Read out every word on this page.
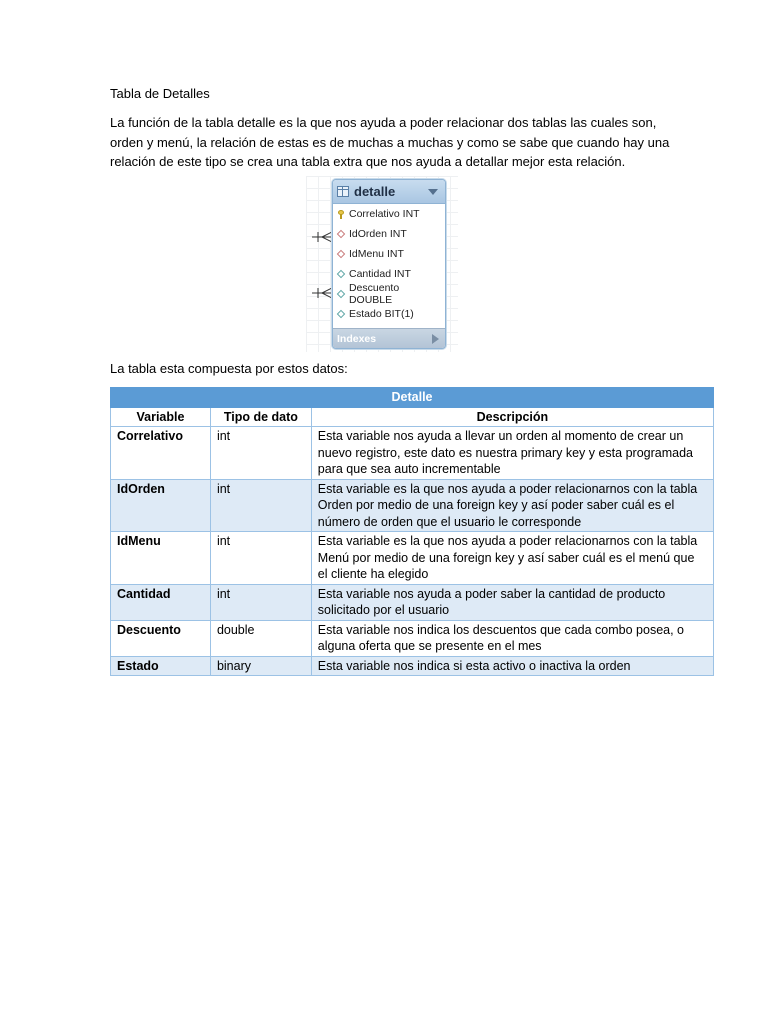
Tabla de Detalles
La función de la tabla detalle es la que nos ayuda a poder relacionar dos tablas las cuales son, orden y menú, la relación de estas es de muchas a muchas y como se sabe que cuando hay una relación de este tipo se crea una tabla extra que nos ayuda a detallar mejor esta relación.
detalle
Correlativo INT
IdOrden INT
IdMenu INT
Cantidad INT
Descuento DOUBLE
Estado BIT(1)
Indexes
La tabla esta compuesta por estos datos:
Detalle		
Variable	Tipo de dato	Descripción
Correlativo	int	Esta variable nos ayuda a llevar un orden al momento de crear un nuevo registro, este dato es nuestra primary key y esta programada para que sea auto incrementable
IdOrden	int	Esta variable es la que nos ayuda a poder relacionarnos con la tabla Orden por medio de una foreign key y así poder saber cuál es el número de orden que el usuario le corresponde
IdMenu	int	Esta variable es la que nos ayuda a poder relacionarnos con la tabla Menú por medio de una foreign key y así saber cuál es el menú que el cliente ha elegido
Cantidad	int	Esta variable nos ayuda a poder saber la cantidad de producto solicitado por el usuario
Descuento	double	Esta variable nos indica los descuentos que cada combo posea, o alguna oferta que se presente en el mes
Estado	binary	Esta variable nos indica si esta activo o inactiva la orden
